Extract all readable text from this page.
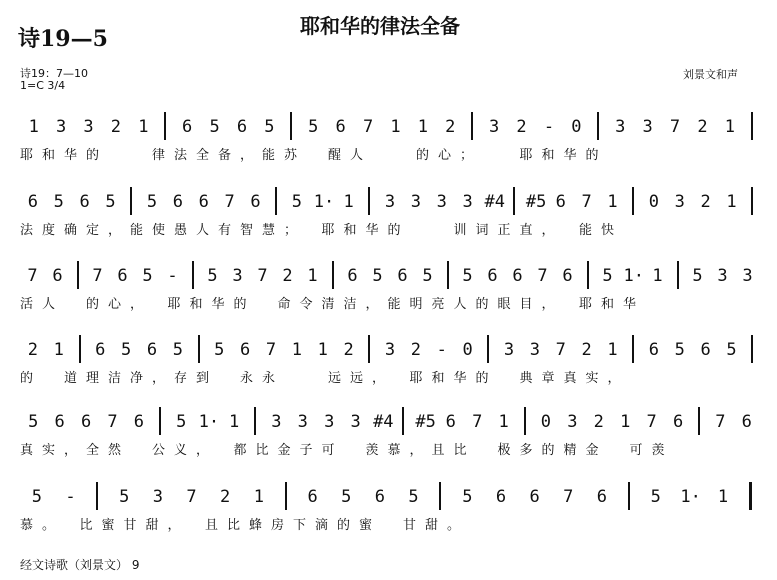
诗19—5	耶和华的律法全备
诗19：7—10
1=C 3/4
刘景文和声
1 3 3 2 1 6 5 6 5 5 6 7 1 1 2 3 2 - 0 3 3 7 2 1
耶和华的　　律法全备，能苏　醒人　　的心；　　耶和华的
6 5 6 5 5 6 6 7 6 5 1· 1 3 3 3 3 #4 #5 6 7 1 0 3 2 1
法度确定，能使愚人有智慧；　耶和华的　　训词正直，　能快
7 6 7 6 5 - 5 3 7 2 1 6 5 6 5 5 6 6 7 6 5 1· 1 5 3 3
活人　的心，　耶和华的　命令清洁，能明亮人的眼目，　耶和华
2 1 6 5 6 5 5 6 7 1 1 2 3 2 - 0 3 3 7 2 1 6 5 6 5
的　道理洁净，存到　永永　　远远，　耶和华的　典章真实，
5 6 6 7 6 5 1· 1 3 3 3 3 #4 #5 6 7 1 0 3 2 1 7 6 7 6
真实，全然　公义，　都比金子可　羡慕，且比　极多的精金　可羡
5 -	5 3 7 2 1	6 5 6 5	5 6 6 7 6	5 1· 1
慕。　比蜜甘甜，　且比蜂房下滴的蜜　甘甜。
经文诗歌（刘景文） 9
